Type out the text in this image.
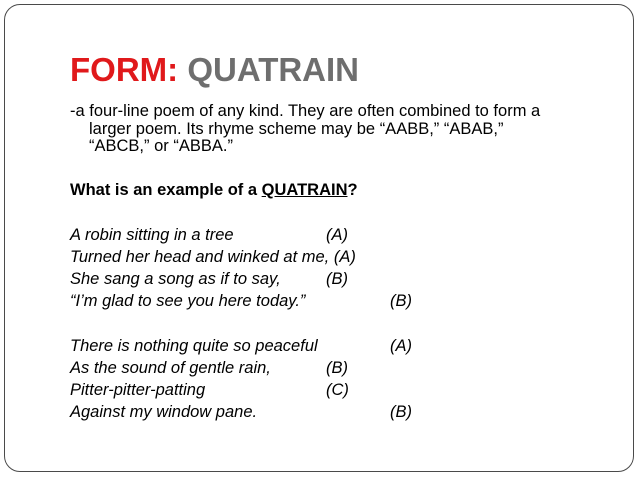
FORM: QUATRAIN
-a four-line poem of any kind. They are often combined to form a
larger poem. Its rhyme scheme may be “AABB,” “ABAB,”
“ABCB,” or “ABBA.”
What is an example of a QUATRAIN?
A robin sitting in a tree	(A)
Turned her head and winked at me, (A)
She sang a song as if to say,	(B)
“I’m glad to see you here today.”	(B)
There is nothing quite so peaceful	(A)
As the sound of gentle rain,	(B)
Pitter-pitter-patting	(C)
Against my window pane.	(B)
